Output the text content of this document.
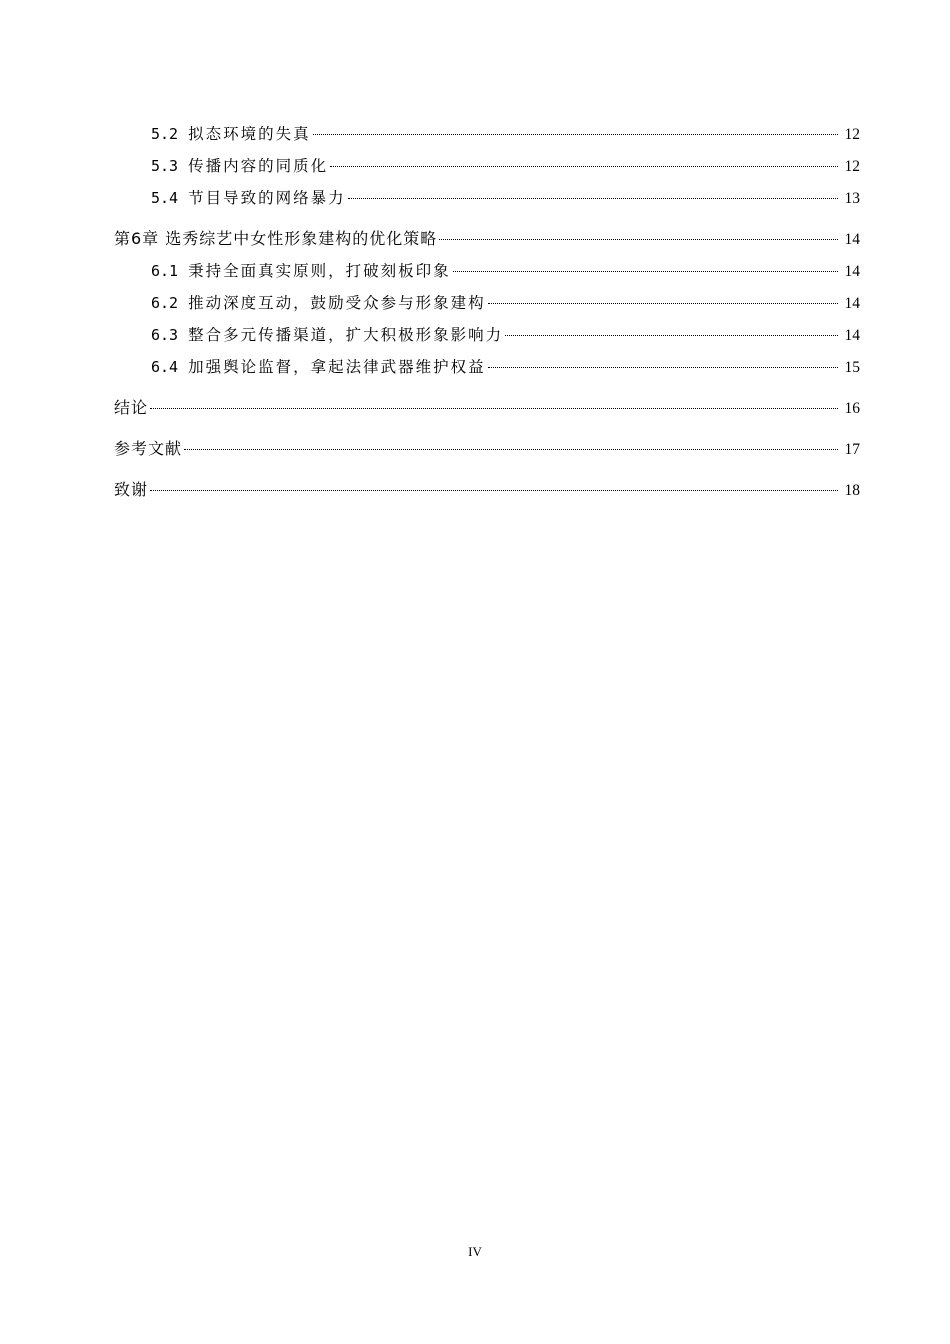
5.2 拟态环境的失真	12
5.3 传播内容的同质化	12
5.4 节目导致的网络暴力	13
第6章 选秀综艺中女性形象建构的优化策略	14
6.1 秉持全面真实原则，打破刻板印象	14
6.2 推动深度互动，鼓励受众参与形象建构	14
6.3 整合多元传播渠道，扩大积极形象影响力	14
6.4 加强舆论监督，拿起法律武器维护权益	15
结论	16
参考文献	17
致谢	18
IV
